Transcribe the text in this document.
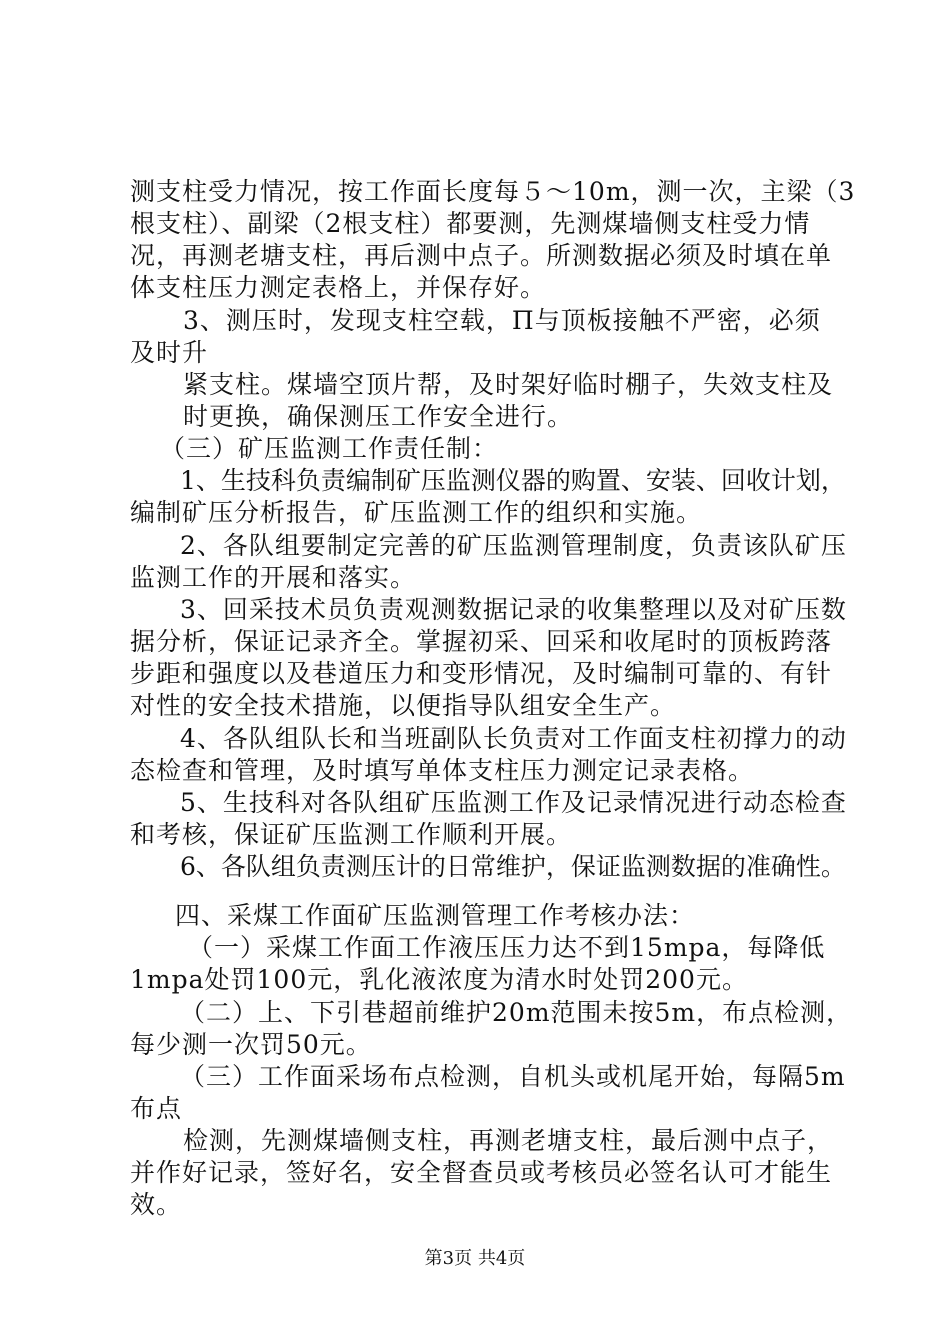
测支柱受力情况，按工作面长度每５～10m，测一次，主梁（3
根支柱）、副梁（2根支柱）都要测，先测煤墙侧支柱受力情
况，再测老塘支柱，再后测中点子。所测数据必须及时填在单
体支柱压力测定表格上，并保存好。
3、测压时，发现支柱空载，Π与顶板接触不严密，必须
及时升
紧支柱。煤墙空顶片帮，及时架好临时棚子，失效支柱及
时更换，确保测压工作安全进行。
（三）矿压监测工作责任制：
1、生技科负责编制矿压监测仪器的购置、安装、回收计划，
编制矿压分析报告，矿压监测工作的组织和实施。
2、各队组要制定完善的矿压监测管理制度，负责该队矿压
监测工作的开展和落实。
3、回采技术员负责观测数据记录的收集整理以及对矿压数
据分析，保证记录齐全。掌握初采、回采和收尾时的顶板跨落
步距和强度以及巷道压力和变形情况，及时编制可靠的、有针
对性的安全技术措施，以便指导队组安全生产。
4、各队组队长和当班副队长负责对工作面支柱初撑力的动
态检查和管理，及时填写单体支柱压力测定记录表格。
5、生技科对各队组矿压监测工作及记录情况进行动态检查
和考核，保证矿压监测工作顺利开展。
6、各队组负责测压计的日常维护，保证监测数据的准确性。
四、采煤工作面矿压监测管理工作考核办法：
（一）采煤工作面工作液压压力达不到15mpa，每降低
1mpa处罚100元，乳化液浓度为清水时处罚200元。
（二）上、下引巷超前维护20m范围未按5m，布点检测，
每少测一次罚50元。
（三）工作面采场布点检测，自机头或机尾开始，每隔5m
布点
检测，先测煤墙侧支柱，再测老塘支柱，最后测中点子，
并作好记录，签好名，安全督查员或考核员必签名认可才能生
效。
第3页 共4页
